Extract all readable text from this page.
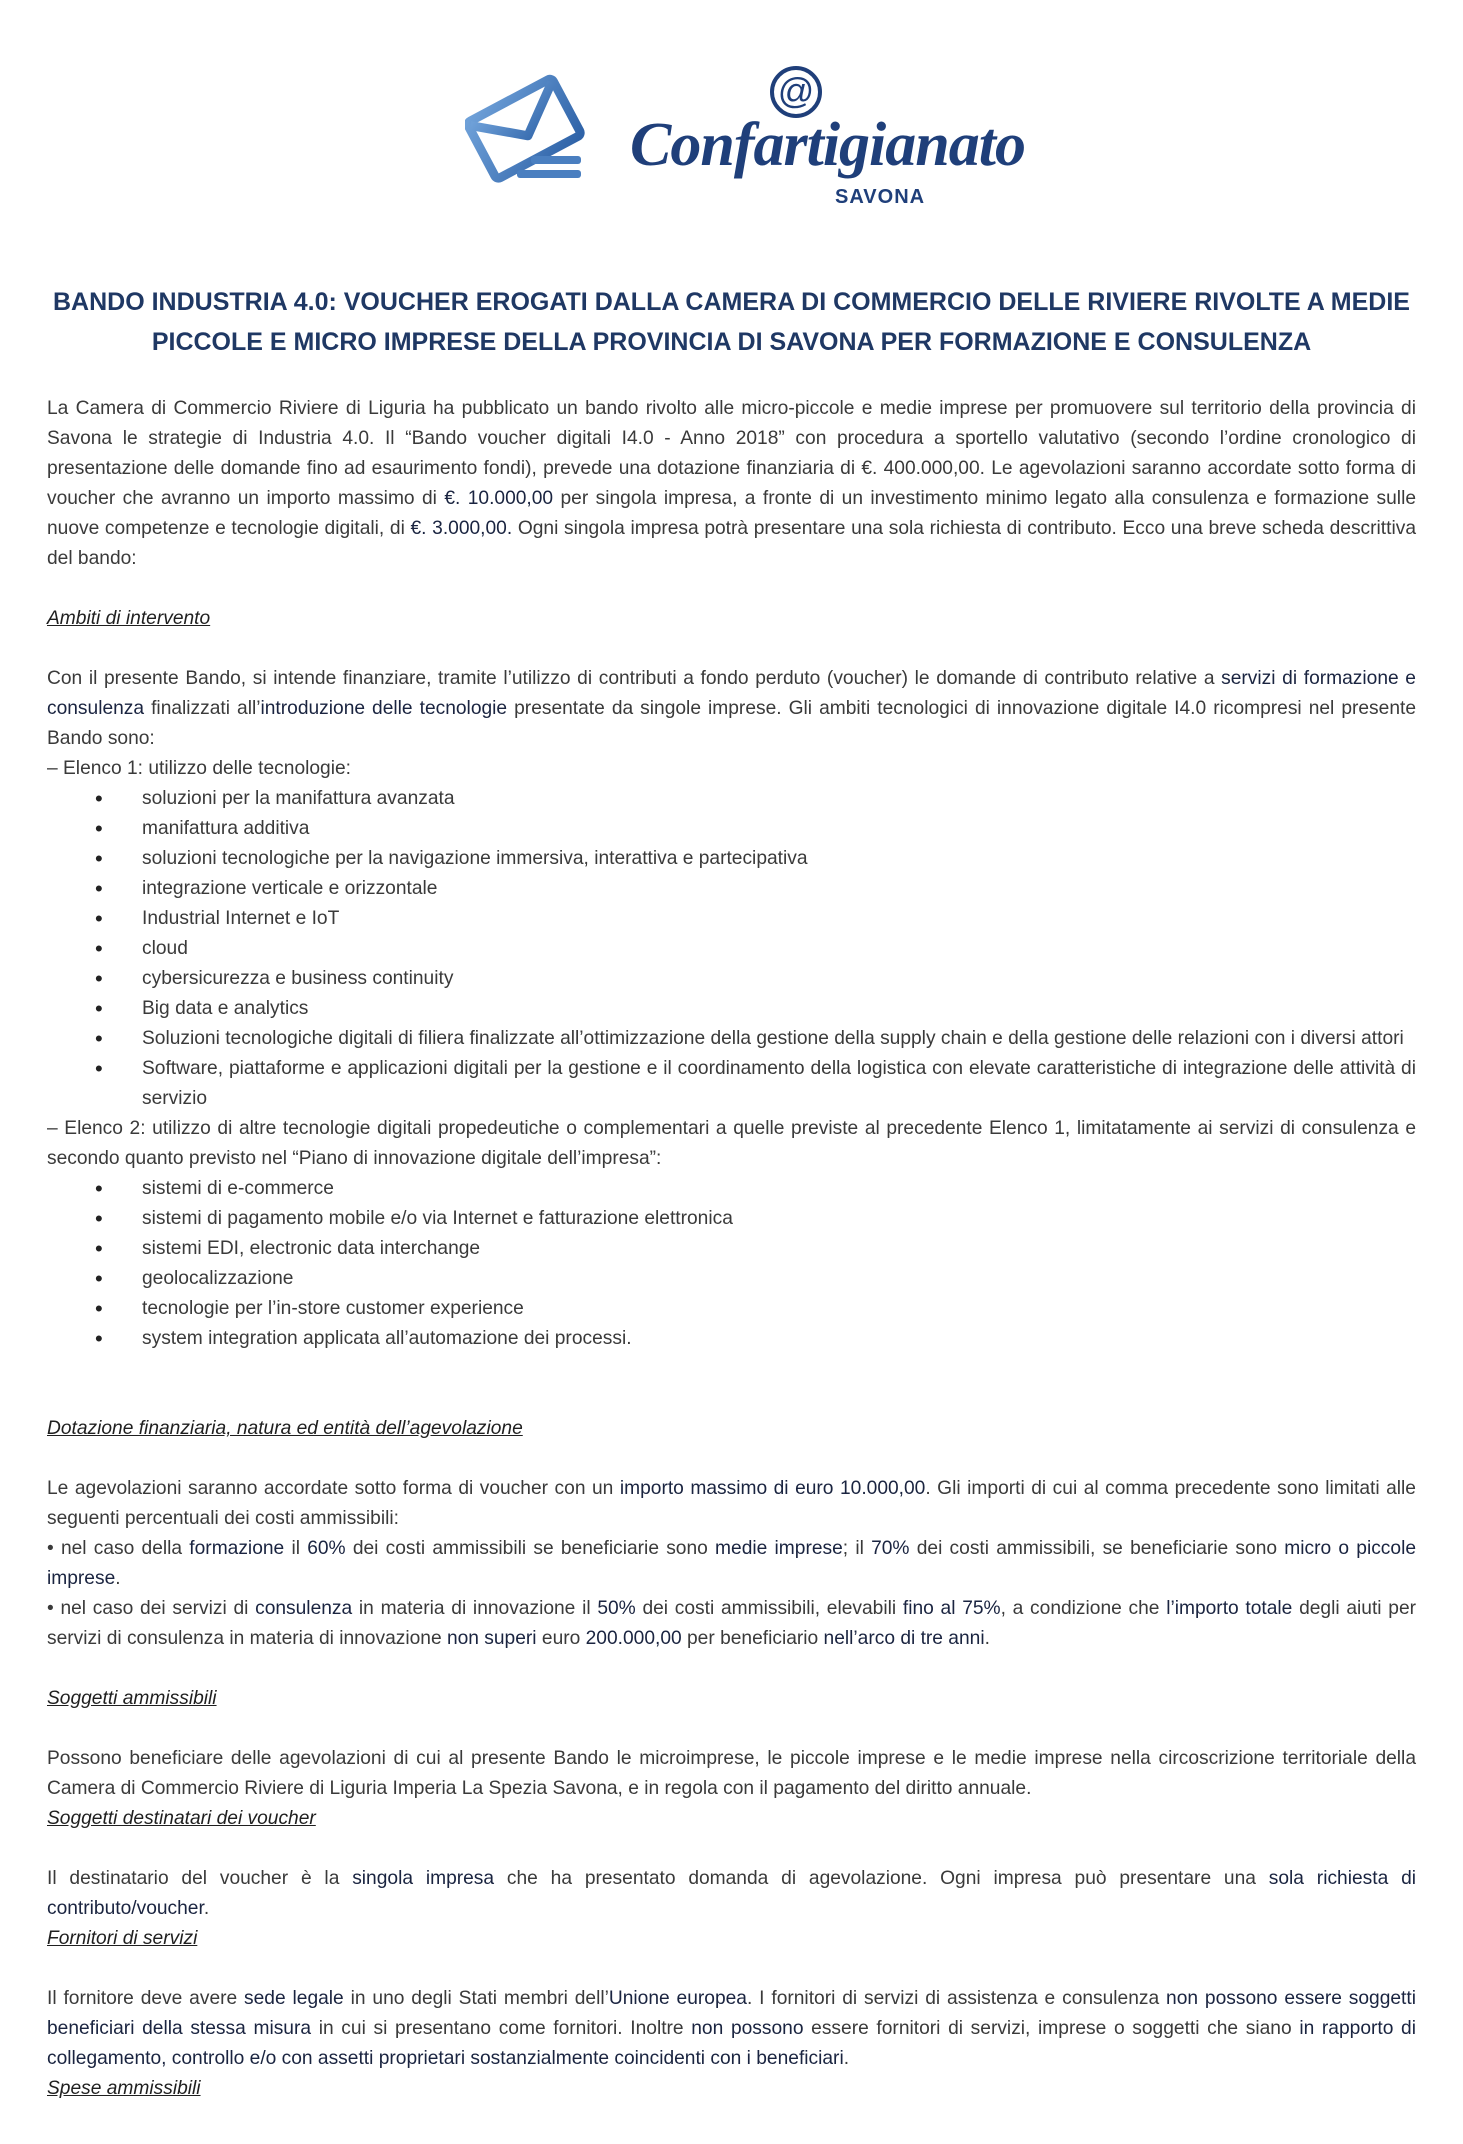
@
Confartigianato
SAVONA
BANDO INDUSTRIA 4.0: VOUCHER EROGATI DALLA CAMERA DI COMMERCIO DELLE RIVIERE RIVOLTE A MEDIE PICCOLE E MICRO IMPRESE DELLA PROVINCIA DI SAVONA PER FORMAZIONE E CONSULENZA

La Camera di Commercio Riviere di Liguria ha pubblicato un bando rivolto alle micro-piccole e medie imprese per promuovere sul territorio della provincia di Savona le strategie di Industria 4.0. Il “Bando voucher digitali I4.0 - Anno 2018” con procedura a sportello valutativo (secondo l’ordine cronologico di presentazione delle domande fino ad esaurimento fondi), prevede una dotazione finanziaria di €. 400.000,00. Le agevolazioni saranno accordate sotto forma di voucher che avranno un importo massimo di €. 10.000,00 per singola impresa, a fronte di un investimento minimo legato alla consulenza e formazione sulle nuove competenze e tecnologie digitali, di €. 3.000,00. Ogni singola impresa potrà presentare una sola richiesta di contributo. Ecco una breve scheda descrittiva del bando:

Ambiti di intervento

Con il presente Bando, si intende finanziare, tramite l’utilizzo di contributi a fondo perduto (voucher) le domande di contributo relative a servizi di formazione e consulenza finalizzati all’introduzione delle tecnologie presentate da singole imprese. Gli ambiti tecnologici di innovazione digitale I4.0 ricompresi nel presente Bando sono:

– Elenco 1: utilizzo delle tecnologie:

• soluzioni per la manifattura avanzata
• manifattura additiva
• soluzioni tecnologiche per la navigazione immersiva, interattiva e partecipativa
• integrazione verticale e orizzontale
• Industrial Internet e IoT
• cloud
• cybersicurezza e business continuity
• Big data e analytics
• Soluzioni tecnologiche digitali di filiera finalizzate all’ottimizzazione della gestione della supply chain e della gestione delle relazioni con i diversi attori
• Software, piattaforme e applicazioni digitali per la gestione e il coordinamento della logistica con elevate caratteristiche di integrazione delle attività di servizio

– Elenco 2: utilizzo di altre tecnologie digitali propedeutiche o complementari a quelle previste al precedente Elenco 1, limitatamente ai servizi di consulenza e secondo quanto previsto nel “Piano di innovazione digitale dell’impresa”:

• sistemi di e-commerce
• sistemi di pagamento mobile e/o via Internet e fatturazione elettronica
• sistemi EDI, electronic data interchange
• geolocalizzazione
• tecnologie per l’in-store customer experience
• system integration applicata all’automazione dei processi.

Dotazione finanziaria, natura ed entità dell’agevolazione

Le agevolazioni saranno accordate sotto forma di voucher con un importo massimo di euro 10.000,00. Gli importi di cui al comma precedente sono limitati alle seguenti percentuali dei costi ammissibili:

• nel caso della formazione il 60% dei costi ammissibili se beneficiarie sono medie imprese; il 70% dei costi ammissibili, se beneficiarie sono micro o piccole imprese.

• nel caso dei servizi di consulenza in materia di innovazione il 50% dei costi ammissibili, elevabili fino al 75%, a condizione che l’importo totale degli aiuti per servizi di consulenza in materia di innovazione non superi euro 200.000,00 per beneficiario nell’arco di tre anni.

Soggetti ammissibili

Possono beneficiare delle agevolazioni di cui al presente Bando le microimprese, le piccole imprese e le medie imprese nella circoscrizione territoriale della Camera di Commercio Riviere di Liguria Imperia La Spezia Savona, e in regola con il pagamento del diritto annuale.

Soggetti destinatari dei voucher

Il destinatario del voucher è la singola impresa che ha presentato domanda di agevolazione. Ogni impresa può presentare una sola richiesta di contributo/voucher.

Fornitori di servizi

Il fornitore deve avere sede legale in uno degli Stati membri dell’Unione europea. I fornitori di servizi di assistenza e consulenza non possono essere soggetti beneficiari della stessa misura in cui si presentano come fornitori. Inoltre non possono essere fornitori di servizi, imprese o soggetti che siano in rapporto di collegamento, controllo e/o con assetti proprietari sostanzialmente coincidenti con i beneficiari.

Spese ammissibili
